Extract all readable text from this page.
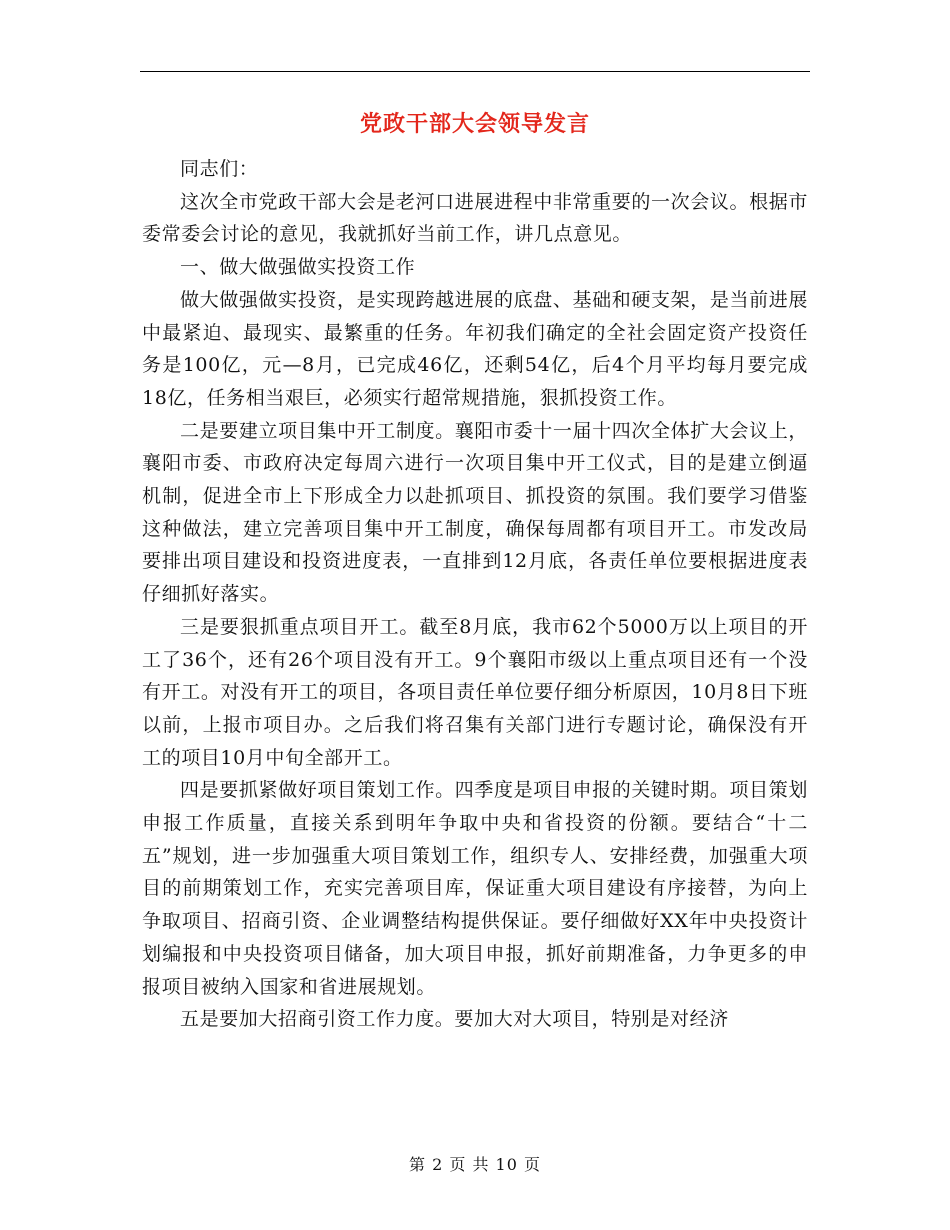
党政干部大会领导发言

同志们：

这次全市党政干部大会是老河口进展进程中非常重要的一次会议。根据市委常委会讨论的意见，我就抓好当前工作，讲几点意见。

一、做大做强做实投资工作

做大做强做实投资，是实现跨越进展的底盘、基础和硬支架，是当前进展中最紧迫、最现实、最繁重的任务。年初我们确定的全社会固定资产投资任务是100亿，元—8月，已完成46亿，还剩54亿，后4个月平均每月要完成18亿，任务相当艰巨，必须实行超常规措施，狠抓投资工作。

二是要建立项目集中开工制度。襄阳市委十一届十四次全体扩大会议上，襄阳市委、市政府决定每周六进行一次项目集中开工仪式，目的是建立倒逼机制，促进全市上下形成全力以赴抓项目、抓投资的氛围。我们要学习借鉴这种做法，建立完善项目集中开工制度，确保每周都有项目开工。市发改局要排出项目建设和投资进度表，一直排到12月底，各责任单位要根据进度表仔细抓好落实。

三是要狠抓重点项目开工。截至8月底，我市62个5000万以上项目的开工了36个，还有26个项目没有开工。9个襄阳市级以上重点项目还有一个没有开工。对没有开工的项目，各项目责任单位要仔细分析原因，10月8日下班以前，上报市项目办。之后我们将召集有关部门进行专题讨论，确保没有开工的项目10月中旬全部开工。

四是要抓紧做好项目策划工作。四季度是项目申报的关键时期。项目策划申报工作质量，直接关系到明年争取中央和省投资的份额。要结合“十二五”规划，进一步加强重大项目策划工作，组织专人、安排经费，加强重大项目的前期策划工作，充实完善项目库，保证重大项目建设有序接替，为向上争取项目、招商引资、企业调整结构提供保证。要仔细做好XX年中央投资计划编报和中央投资项目储备，加大项目申报，抓好前期准备，力争更多的申报项目被纳入国家和省进展规划。

五是要加大招商引资工作力度。要加大对大项目，特别是对经济

第 2 页 共 10 页
